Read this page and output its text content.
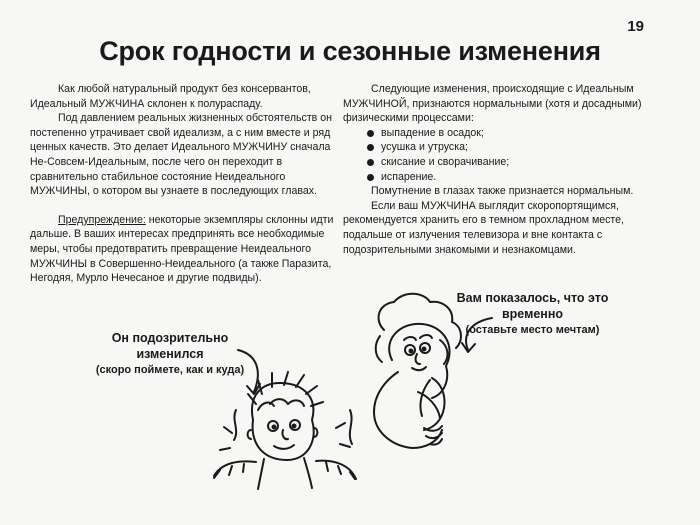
19
Срок годности и сезонные изменения

Как любой натуральный продукт без консервантов, Идеальный МУЖЧИНА склонен к полураспаду.

Под давлением реальных жизненных обстоятельств он постепенно утрачивает свой идеализм, а с ним вместе и ряд ценных качеств. Это делает Идеального МУЖЧИНУ сначала Не-Совсем-Идеальным, после чего он переходит в сравнительно стабильное состояние Неидеального МУЖЧИНЫ, о котором вы узнаете в последующих главах.

Предупреждение: некоторые экземпляры склонны идти дальше. В ваших интересах предпринять все необходимые меры, чтобы предотвратить превращение Неидеального МУЖЧИНЫ в Совершенно-Неидеального (а также Паразита, Негодяя, Мурло Нечесаное и другие подвиды).

Следующие изменения, происходящие с Идеальным МУЖЧИНОЙ, признаются нормальными (хотя и досадными) физическими процессами:

выпадение в осадок;
усушка и утруска;
скисание и сворачивание;
испарение.

Помутнение в глазах также признается нормальным.

Если ваш МУЖЧИНА выглядит скоропортящимся, рекомендуется хранить его в темном прохладном месте, подальше от излучения телевизора и вне контакта с подозрительными знакомыми и незнакомцами.

Он подозрительно изменился
(скоро поймете, как и куда)
Вам показалось, что это временно
(оставьте место мечтам)
